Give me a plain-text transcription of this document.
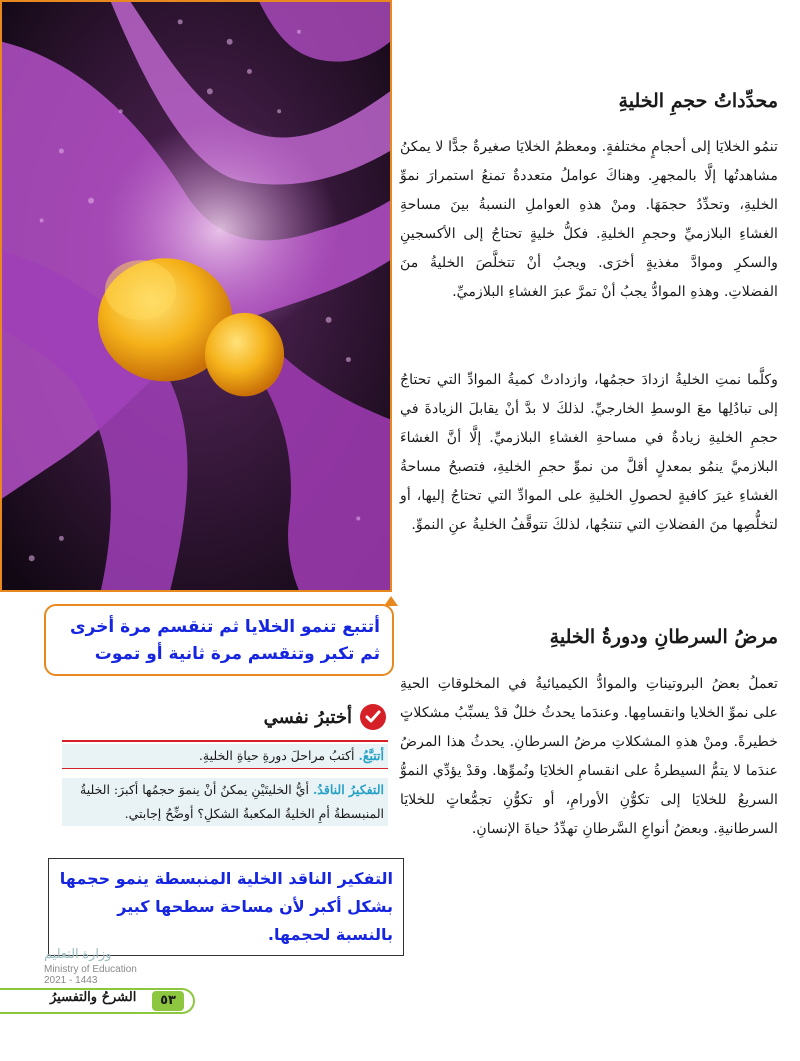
محدِّداتُ حجمِ الخليةِ

تنمُو الخلايَا إلى أحجامٍ مختلفةٍ. ومعظمُ الخلايَا صغيرةٌ جدًّا لا يمكنُ مشاهدتُها إلَّا بالمجهرِ. وهناكَ عواملُ متعددةٌ تمنعُ استمرارَ نموِّ الخليةِ، وتحدِّدُ حجمَهَا. ومنْ هذهِ العواملِ النسبةُ بينَ مساحةِ الغشاءِ البلازميِّ وحجمِ الخليةِ. فكلُّ خليةٍ تحتاجُ إلى الأكسجينِ والسكرِ وموادَّ مغذيةٍ أخرَى. ويجبُ أنْ تتخلَّصَ الخليةُ منَ الفضلاتِ. وهذهِ الموادُّ يجبُ أنْ تمرَّ عبرَ الغشاءِ البلازميِّ.

وكلَّما نمتِ الخليةُ ازدادَ حجمُها، وازدادتْ كميةُ الموادِّ التي تحتاجُ إلى تبادُلِها معَ الوسطِ الخارجيِّ. لذلكَ لا بدَّ أنْ يقابلَ الزيادةَ في حجمِ الخليةِ زيادةٌ في مساحةِ الغشاءِ البلازميِّ. إلَّا أنَّ الغشاءَ البلازميَّ ينمُو بمعدلٍ أقلَّ من نموِّ حجمِ الخليةِ، فتصبحُ مساحةُ الغشاءِ غيرَ كافيةٍ لحصولِ الخليةِ على الموادِّ التي تحتاجُ إليها، أو لتخلُّصِها منَ الفضلاتِ التي تنتجُها، لذلكَ تتوقَّفُ الخليةُ عنِ النموِّ.

مرضُ السرطانِ ودورةُ الخليةِ

تعملُ بعضُ البروتيناتِ والموادُّ الكيميائيةُ في المخلوقاتِ الحيةِ على نموِّ الخلايا وانقسامِها. وعندَما يحدثُ خللٌ قدْ يسبِّبُ مشكلاتٍ خطيرةً. ومنْ هذهِ المشكلاتِ مرضُ السرطانِ. يحدثُ هذا المرضُ عندَما لا يتمُّ السيطرةُ على انقسامِ الخلايَا ونُموِّها. وقدْ يؤدِّي النموُّ السريعُ للخلايَا إلى تكوُّنِ الأورامِ، أو تكوُّنِ تجمُّعاتٍ للخلايَا السرطانيةِ. وبعضُ أنواعِ السَّرطانِ تهدِّدُ حياةَ الإنسانِ.

أتتبع تنمو الخلايا ثم تنقسم مرة أخرى ثم تكبر وتنقسم مرة ثانية أو تموت
أختبرُ نفسي
أتتبَّعُ. أكتبُ مراحلَ دورةِ حياةِ الخليةِ.
التفكيرُ الناقدُ. أيُّ الخليتَيْنِ يمكنُ أنْ ينموَ حجمُها أكبرَ: الخليةُ المنبسطةُ أمِ الخليةُ المكعبةُ الشكلِ؟ أوضِّحُ إجابتي.
التفكير الناقد الخلية المنبسطة ينمو حجمها بشكل أكبر لأن مساحة سطحها كبير بالنسبة لحجمها.
وزارة التعليم
Ministry of Education
2021 - 1443
الشرحُ والتفسيرُ	٥٣
